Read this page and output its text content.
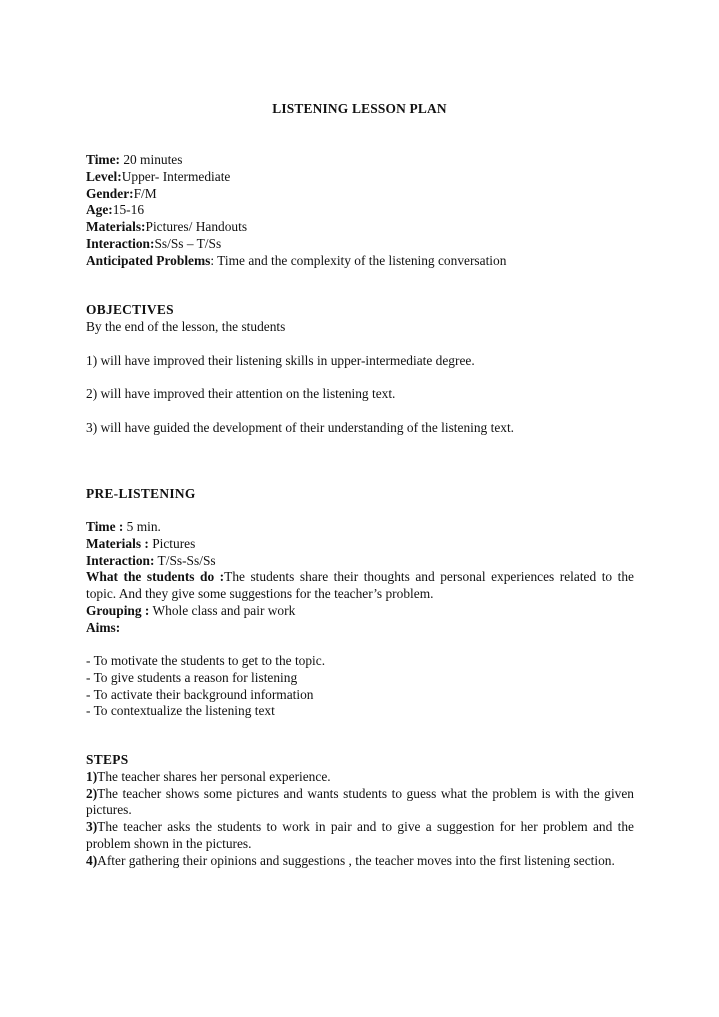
LISTENING LESSON PLAN
Time: 20 minutes
Level:Upper- Intermediate
Gender:F/M
Age:15-16
Materials:Pictures/ Handouts
Interaction:Ss/Ss – T/Ss
Anticipated Problems: Time and the complexity of the listening conversation
OBJECTIVES
By the end of the lesson, the students
1) will have improved their listening skills in upper-intermediate degree.
2) will have improved their attention on the listening text.
3) will have guided the development of their understanding of the listening text.
PRE-LISTENING
Time : 5 min.
Materials : Pictures
Interaction: T/Ss-Ss/Ss
What the students do :The students share their thoughts and personal experiences related to the topic. And they give some suggestions for the teacher’s problem.
Grouping : Whole class and pair work
Aims:
- To motivate the students to get to the topic.
- To give students a reason for listening
- To activate their background information
- To contextualize the listening text
STEPS
1)The teacher shares her personal experience.
2)The teacher shows some pictures and wants students to guess what the problem is with the given pictures.
3)The teacher asks the students to work in pair and to give a suggestion for her problem and the problem shown in the pictures.
4)After gathering their opinions and suggestions , the teacher moves into the first listening section.
